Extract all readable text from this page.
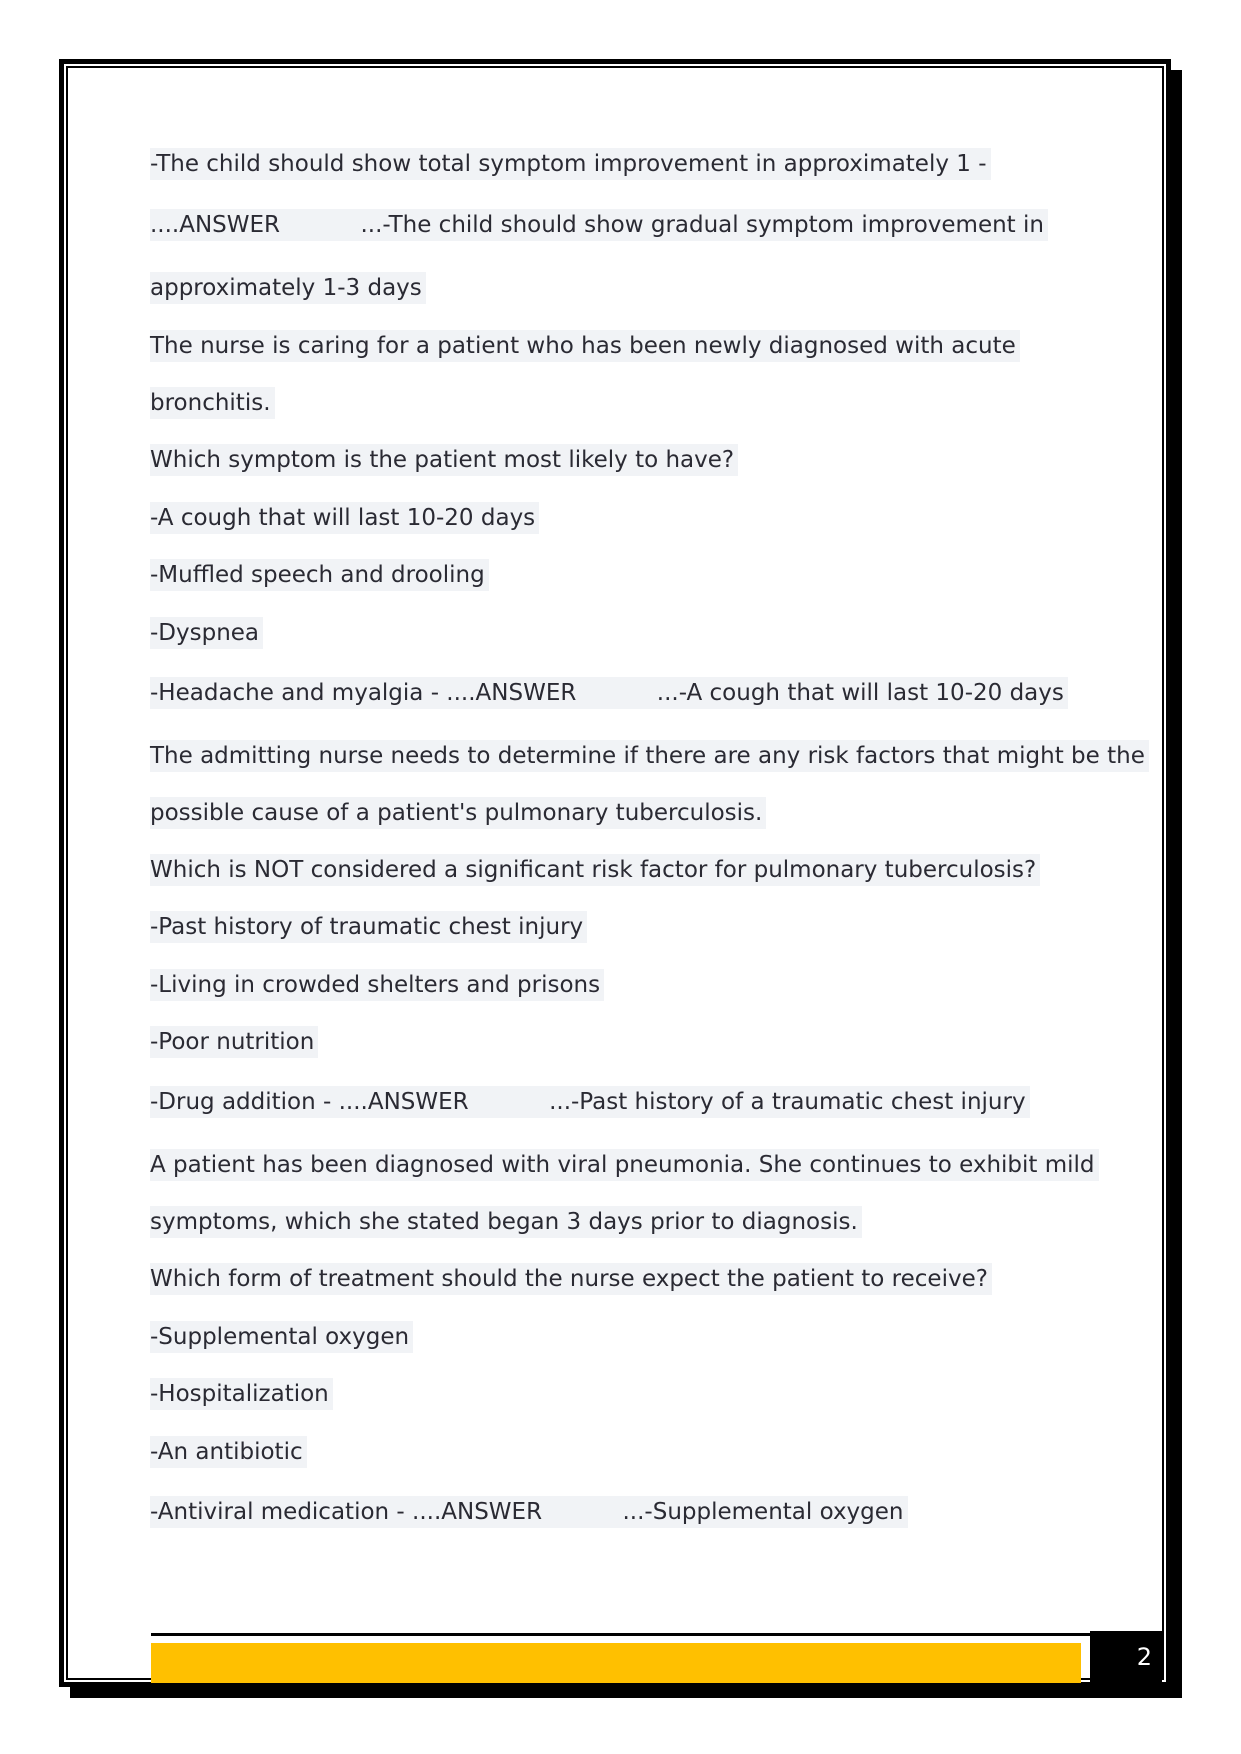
-The child should show total symptom improvement in approximately 1 -
....ANSWER           ...-The child should show gradual symptom improvement in
approximately 1-3 days
The nurse is caring for a patient who has been newly diagnosed with acute
bronchitis.
Which symptom is the patient most likely to have?
-A cough that will last 10-20 days
-Muffled speech and drooling
-Dyspnea
-Headache and myalgia - ....ANSWER           ...-A cough that will last 10-20 days
The admitting nurse needs to determine if there are any risk factors that might be the
possible cause of a patient's pulmonary tuberculosis.
Which is NOT considered a significant risk factor for pulmonary tuberculosis?
-Past history of traumatic chest injury
-Living in crowded shelters and prisons
-Poor nutrition
-Drug addition - ....ANSWER           ...-Past history of a traumatic chest injury
A patient has been diagnosed with viral pneumonia. She continues to exhibit mild
symptoms, which she stated began 3 days prior to diagnosis.
Which form of treatment should the nurse expect the patient to receive?
-Supplemental oxygen
-Hospitalization
-An antibiotic
-Antiviral medication - ....ANSWER           ...-Supplemental oxygen
2
